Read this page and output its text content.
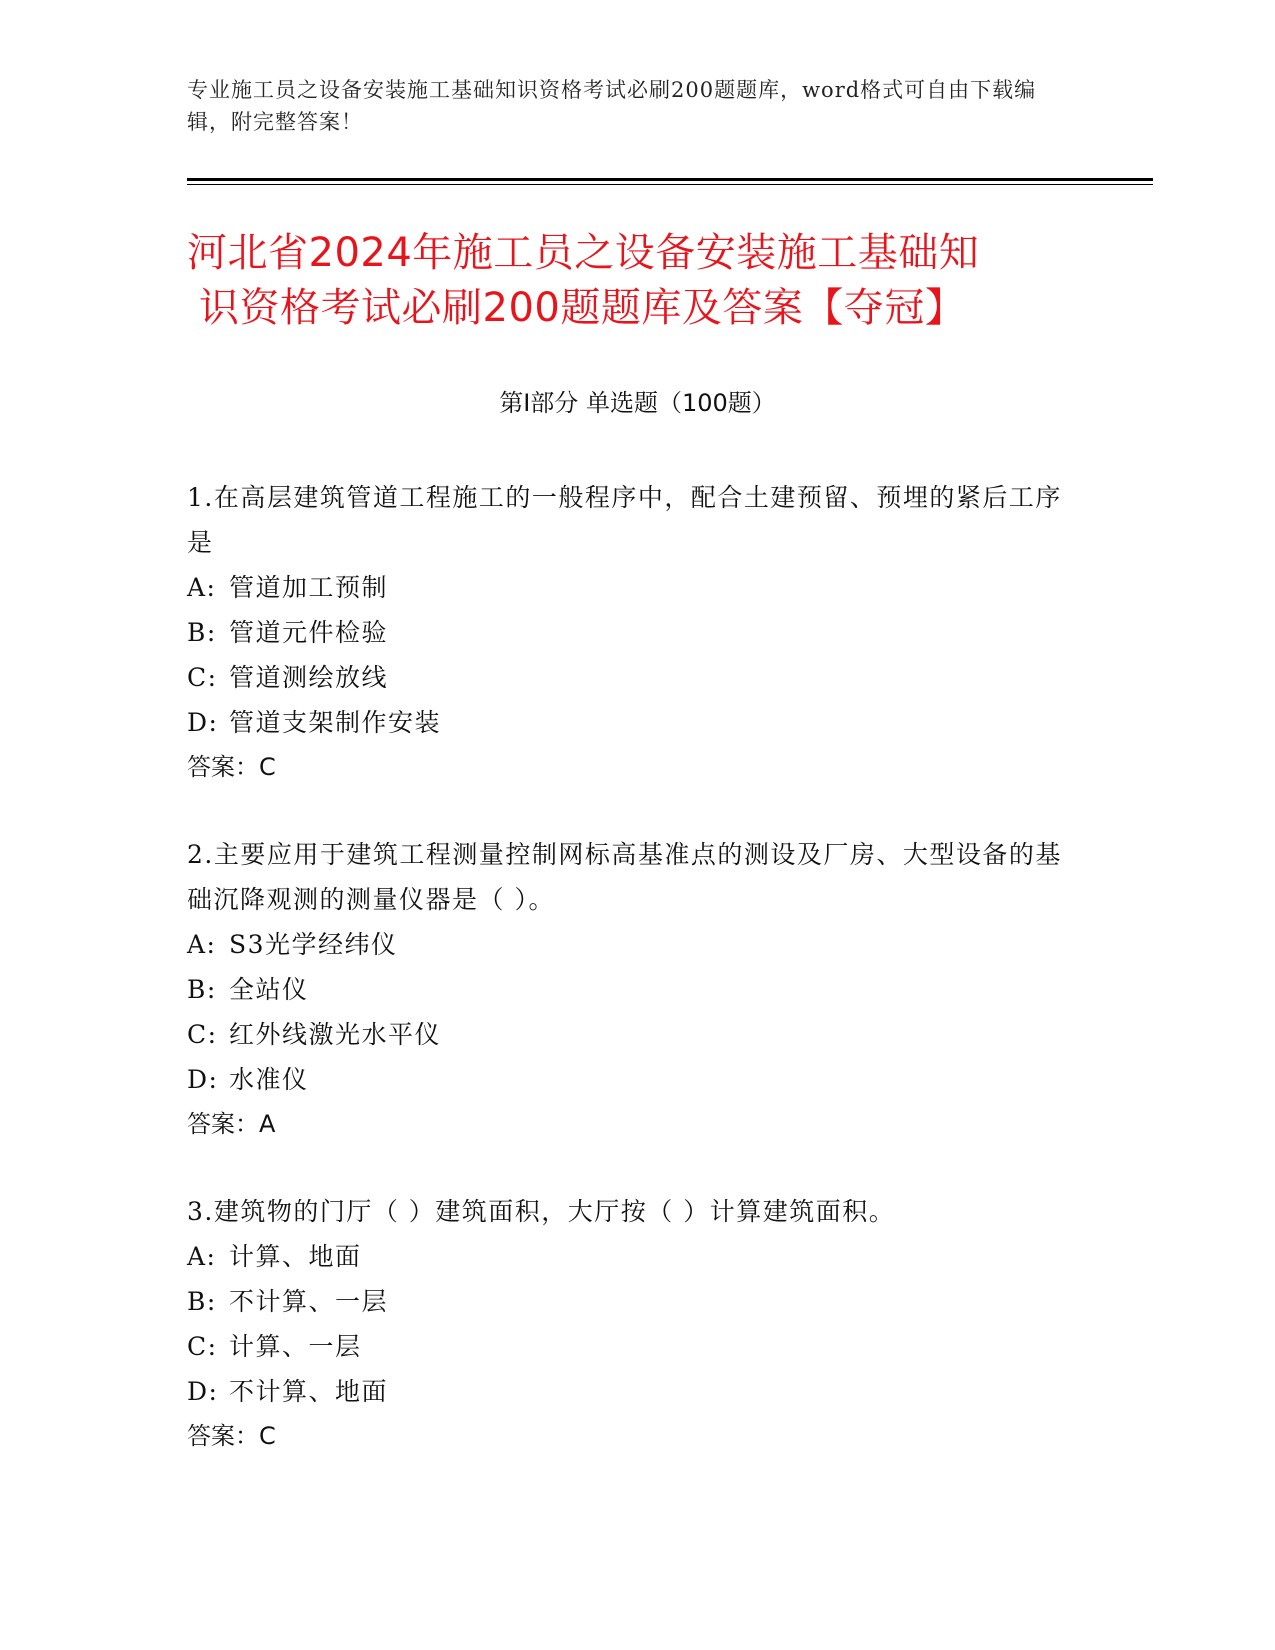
专业施工员之设备安装施工基础知识资格考试必刷200题题库，word格式可自由下载编辑，附完整答案！
河北省2024年施工员之设备安装施工基础知
识资格考试必刷200题题库及答案【夺冠】
第I部分 单选题（100题）

1.在高层建筑管道工程施工的一般程序中，配合土建预留、预埋的紧后工序是

A: 管道加工预制

B: 管道元件检验

C: 管道测绘放线

D: 管道支架制作安装

答案：C

2.主要应用于建筑工程测量控制网标高基准点的测设及厂房、大型设备的基础沉降观测的测量仪器是（ ）。

A: S3光学经纬仪

B: 全站仪

C: 红外线激光水平仪

D: 水准仪

答案：A

3.建筑物的门厅（ ）建筑面积，大厅按（ ）计算建筑面积。

A: 计算、地面

B: 不计算、一层

C: 计算、一层

D: 不计算、地面

答案：C
